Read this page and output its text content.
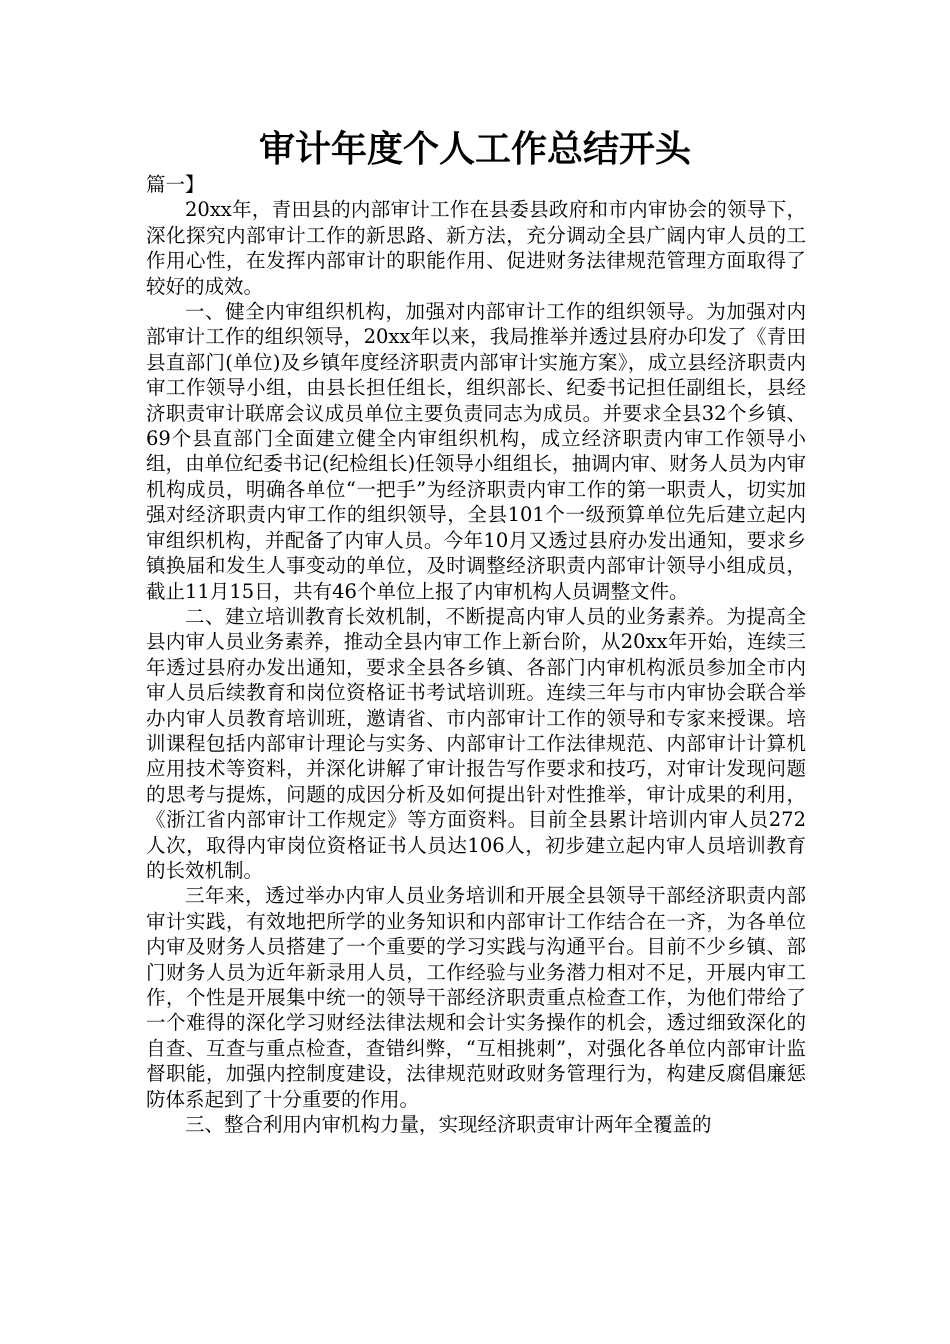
审计年度个人工作总结开头

篇一】

20xx年，青田县的内部审计工作在县委县政府和市内审协会的领导下，深化探究内部审计工作的新思路、新方法，充分调动全县广阔内审人员的工作用心性，在发挥内部审计的职能作用、促进财务法律规范管理方面取得了较好的成效。

一、健全内审组织机构，加强对内部审计工作的组织领导。为加强对内部审计工作的组织领导，20xx年以来，我局推举并透过县府办印发了《青田县直部门(单位)及乡镇年度经济职责内部审计实施方案》，成立县经济职责内审工作领导小组，由县长担任组长，组织部长、纪委书记担任副组长，县经济职责审计联席会议成员单位主要负责同志为成员。并要求全县32个乡镇、69个县直部门全面建立健全内审组织机构，成立经济职责内审工作领导小组，由单位纪委书记(纪检组长)任领导小组组长，抽调内审、财务人员为内审机构成员，明确各单位“一把手”为经济职责内审工作的第一职责人，切实加强对经济职责内审工作的组织领导，全县101个一级预算单位先后建立起内审组织机构，并配备了内审人员。今年10月又透过县府办发出通知，要求乡镇换届和发生人事变动的单位，及时调整经济职责内部审计领导小组成员，截止11月15日，共有46个单位上报了内审机构人员调整文件。

二、建立培训教育长效机制，不断提高内审人员的业务素养。为提高全县内审人员业务素养，推动全县内审工作上新台阶，从20xx年开始，连续三年透过县府办发出通知，要求全县各乡镇、各部门内审机构派员参加全市内审人员后续教育和岗位资格证书考试培训班。连续三年与市内审协会联合举办内审人员教育培训班，邀请省、市内部审计工作的领导和专家来授课。培训课程包括内部审计理论与实务、内部审计工作法律规范、内部审计计算机应用技术等资料，并深化讲解了审计报告写作要求和技巧，对审计发现问题的思考与提炼，问题的成因分析及如何提出针对性推举，审计成果的利用，《浙江省内部审计工作规定》等方面资料。目前全县累计培训内审人员272人次，取得内审岗位资格证书人员达106人，初步建立起内审人员培训教育的长效机制。

三年来，透过举办内审人员业务培训和开展全县领导干部经济职责内部审计实践，有效地把所学的业务知识和内部审计工作结合在一齐，为各单位内审及财务人员搭建了一个重要的学习实践与沟通平台。目前不少乡镇、部门财务人员为近年新录用人员，工作经验与业务潜力相对不足，开展内审工作，个性是开展集中统一的领导干部经济职责重点检查工作，为他们带给了一个难得的深化学习财经法律法规和会计实务操作的机会，透过细致深化的自查、互查与重点检查，查错纠弊，“互相挑刺”，对强化各单位内部审计监督职能，加强内控制度建设，法律规范财政财务管理行为，构建反腐倡廉惩防体系起到了十分重要的作用。

三、整合利用内审机构力量，实现经济职责审计两年全覆盖的
